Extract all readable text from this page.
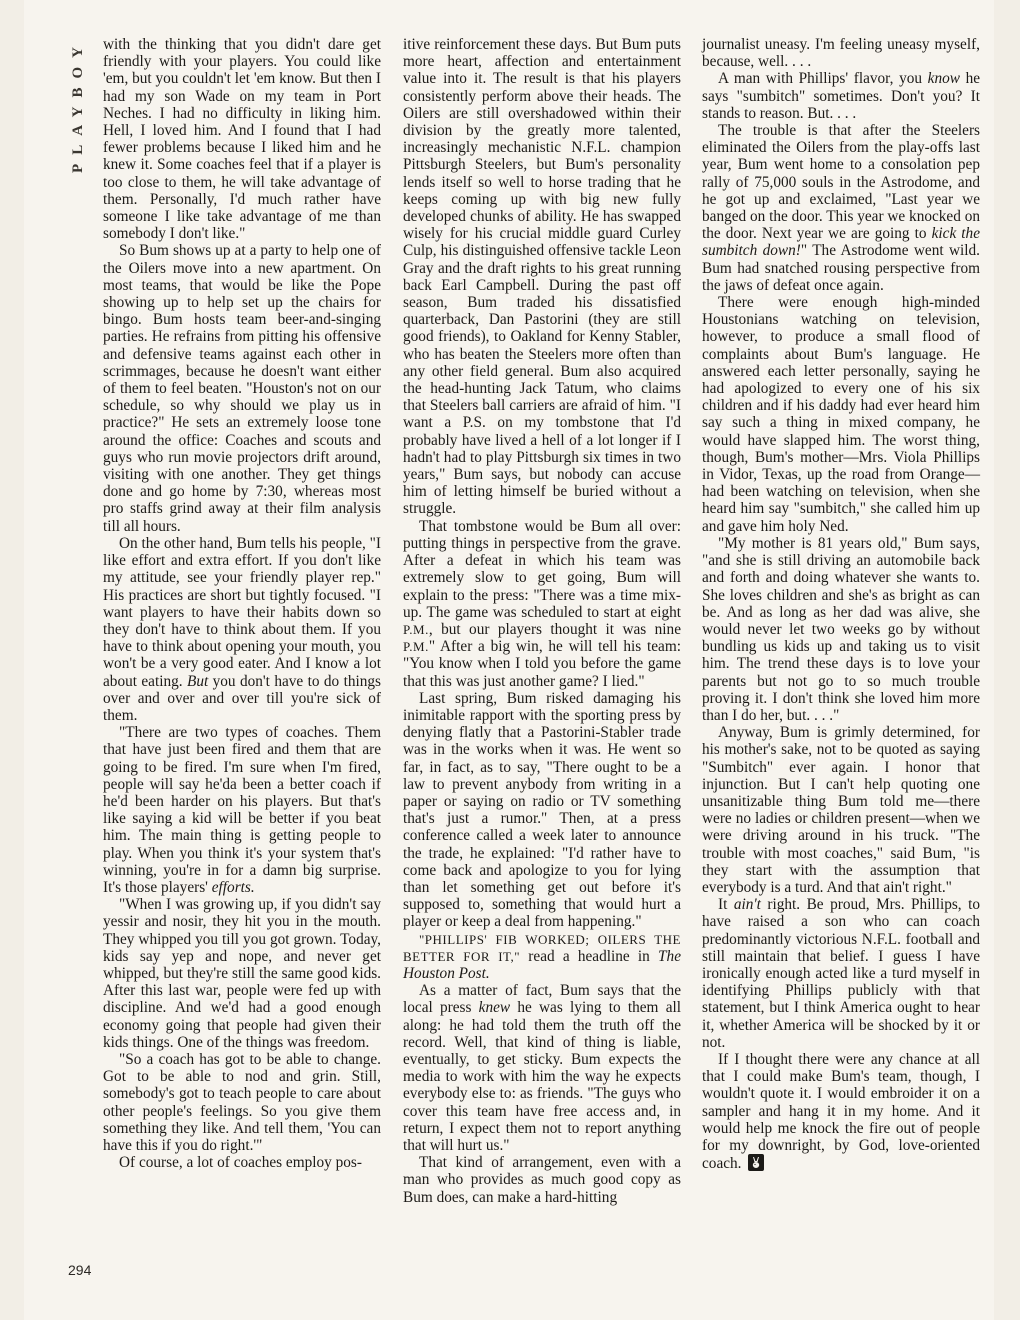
PLAYBOY
294

with the thinking that you didn't dare get friendly with your players. You could like 'em, but you couldn't let 'em know. But then I had my son Wade on my team in Port Neches. I had no difficulty in liking him. Hell, I loved him. And I found that I had fewer problems because I liked him and he knew it. Some coaches feel that if a player is too close to them, he will take advantage of them. Personally, I'd much rather have someone I like take advantage of me than somebody I don't like."

So Bum shows up at a party to help one of the Oilers move into a new apartment. On most teams, that would be like the Pope showing up to help set up the chairs for bingo. Bum hosts team beer-and-singing parties. He refrains from pitting his offensive and defensive teams against each other in scrimmages, because he doesn't want either of them to feel beaten. "Houston's not on our schedule, so why should we play us in practice?" He sets an extremely loose tone around the office: Coaches and scouts and guys who run movie projectors drift around, visiting with one another. They get things done and go home by 7:30, whereas most pro staffs grind away at their film analysis till all hours.

On the other hand, Bum tells his people, "I like effort and extra effort. If you don't like my attitude, see your friendly player rep." His practices are short but tightly focused. "I want players to have their habits down so they don't have to think about them. If you have to think about opening your mouth, you won't be a very good eater. And I know a lot about eating. But you don't have to do things over and over and over till you're sick of them.

"There are two types of coaches. Them that have just been fired and them that are going to be fired. I'm sure when I'm fired, people will say he'da been a better coach if he'd been harder on his players. But that's like saying a kid will be better if you beat him. The main thing is getting people to play. When you think it's your system that's winning, you're in for a damn big surprise. It's those players' efforts.

"When I was growing up, if you didn't say yessir and nosir, they hit you in the mouth. They whipped you till you got grown. Today, kids say yep and nope, and never get whipped, but they're still the same good kids. After this last war, people were fed up with discipline. And we'd had a good enough economy going that people had given their kids things. One of the things was freedom.

"So a coach has got to be able to change. Got to be able to nod and grin. Still, somebody's got to teach people to care about other people's feelings. So you give them something they like. And tell them, 'You can have this if you do right.'"

Of course, a lot of coaches employ pos-

itive reinforcement these days. But Bum puts more heart, affection and entertainment value into it. The result is that his players consistently perform above their heads. The Oilers are still overshadowed within their division by the greatly more talented, increasingly mechanistic N.F.L. champion Pittsburgh Steelers, but Bum's personality lends itself so well to horse trading that he keeps coming up with big new fully developed chunks of ability. He has swapped wisely for his crucial middle guard Curley Culp, his distinguished offensive tackle Leon Gray and the draft rights to his great running back Earl Campbell. During the past off season, Bum traded his dissatisfied quarterback, Dan Pastorini (they are still good friends), to Oakland for Kenny Stabler, who has beaten the Steelers more often than any other field general. Bum also acquired the head-hunting Jack Tatum, who claims that Steelers ball carriers are afraid of him. "I want a P.S. on my tombstone that I'd probably have lived a hell of a lot longer if I hadn't had to play Pittsburgh six times in two years," Bum says, but nobody can accuse him of letting himself be buried without a struggle.

That tombstone would be Bum all over: putting things in perspective from the grave. After a defeat in which his team was extremely slow to get going, Bum will explain to the press: "There was a time mix-up. The game was scheduled to start at eight P.M., but our players thought it was nine P.M." After a big win, he will tell his team: "You know when I told you before the game that this was just another game? I lied."

Last spring, Bum risked damaging his inimitable rapport with the sporting press by denying flatly that a Pastorini-Stabler trade was in the works when it was. He went so far, in fact, as to say, "There ought to be a law to prevent anybody from writing in a paper or saying on radio or TV something that's just a rumor." Then, at a press conference called a week later to announce the trade, he explained: "I'd rather have to come back and apologize to you for lying than let something get out before it's supposed to, something that would hurt a player or keep a deal from happening."

"PHILLIPS' FIB WORKED; OILERS THE BETTER FOR IT," read a headline in The Houston Post.

As a matter of fact, Bum says that the local press knew he was lying to them all along: he had told them the truth off the record. Well, that kind of thing is liable, eventually, to get sticky. Bum expects the media to work with him the way he expects everybody else to: as friends. "The guys who cover this team have free access and, in return, I expect them not to report anything that will hurt us."

That kind of arrangement, even with a man who provides as much good copy as Bum does, can make a hard-hitting

journalist uneasy. I'm feeling uneasy myself, because, well. . . .

A man with Phillips' flavor, you know he says "sumbitch" sometimes. Don't you? It stands to reason. But. . . .

The trouble is that after the Steelers eliminated the Oilers from the play-offs last year, Bum went home to a consolation pep rally of 75,000 souls in the Astrodome, and he got up and exclaimed, "Last year we banged on the door. This year we knocked on the door. Next year we are going to kick the sumbitch down!" The Astrodome went wild. Bum had snatched rousing perspective from the jaws of defeat once again.

There were enough high-minded Houstonians watching on television, however, to produce a small flood of complaints about Bum's language. He answered each letter personally, saying he had apologized to every one of his six children and if his daddy had ever heard him say such a thing in mixed company, he would have slapped him. The worst thing, though, Bum's mother—Mrs. Viola Phillips in Vidor, Texas, up the road from Orange—had been watching on television, when she heard him say "sumbitch," she called him up and gave him holy Ned.

"My mother is 81 years old," Bum says, "and she is still driving an automobile back and forth and doing whatever she wants to. She loves children and she's as bright as can be. And as long as her dad was alive, she would never let two weeks go by without bundling us kids up and taking us to visit him. The trend these days is to love your parents but not go to so much trouble proving it. I don't think she loved him more than I do her, but. . . ."

Anyway, Bum is grimly determined, for his mother's sake, not to be quoted as saying "Sumbitch" ever again. I honor that injunction. But I can't help quoting one unsanitizable thing Bum told me—there were no ladies or children present—when we were driving around in his truck. "The trouble with most coaches," said Bum, "is they start with the assumption that everybody is a turd. And that ain't right."

It ain't right. Be proud, Mrs. Phillips, to have raised a son who can coach predominantly victorious N.F.L. football and still maintain that belief. I guess I have ironically enough acted like a turd myself in identifying Phillips publicly with that statement, but I think America ought to hear it, whether America will be shocked by it or not.

If I thought there were any chance at all that I could make Bum's team, though, I wouldn't quote it. I would embroider it on a sampler and hang it in my home. And it would help me knock the fire out of people for my downright, by God, love-oriented coach.
